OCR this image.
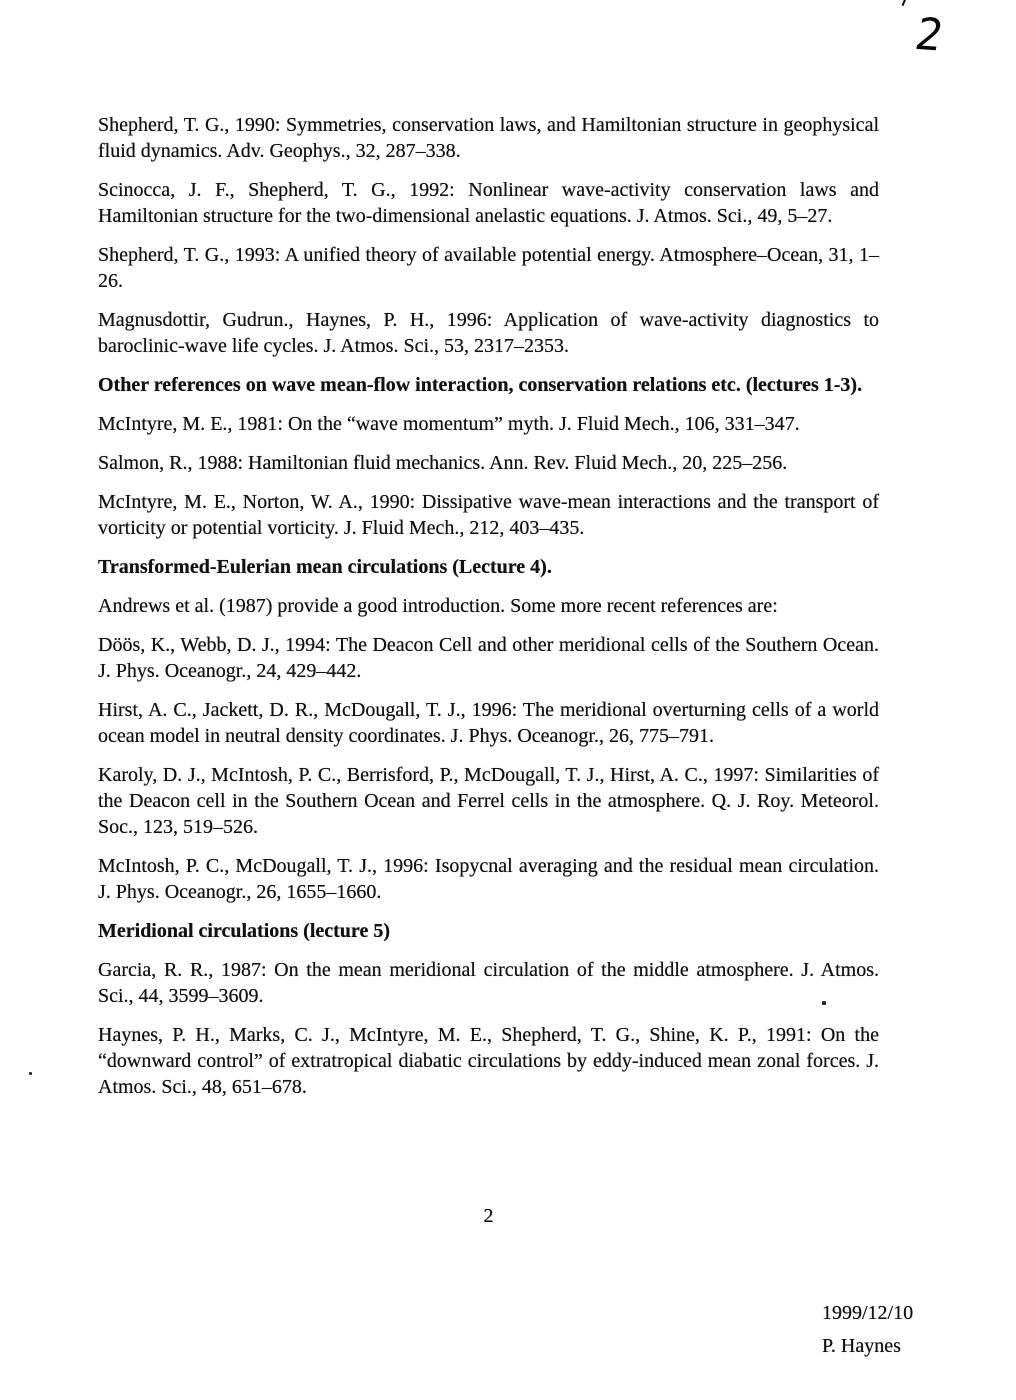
2
Shepherd, T. G., 1990: Symmetries, conservation laws, and Hamiltonian structure in geophysical fluid dynamics. Adv. Geophys., 32, 287–338.
Scinocca, J. F., Shepherd, T. G., 1992: Nonlinear wave-activity conservation laws and Hamiltonian structure for the two-dimensional anelastic equations. J. Atmos. Sci., 49, 5–27.
Shepherd, T. G., 1993: A unified theory of available potential energy. Atmosphere–Ocean, 31, 1–26.
Magnusdottir, Gudrun., Haynes, P. H., 1996: Application of wave-activity diagnostics to baroclinic-wave life cycles. J. Atmos. Sci., 53, 2317–2353.
Other references on wave mean-flow interaction, conservation relations etc. (lectures 1-3).
McIntyre, M. E., 1981: On the “wave momentum” myth. J. Fluid Mech., 106, 331–347.
Salmon, R., 1988: Hamiltonian fluid mechanics. Ann. Rev. Fluid Mech., 20, 225–256.
McIntyre, M. E., Norton, W. A., 1990: Dissipative wave-mean interactions and the transport of vorticity or potential vorticity. J. Fluid Mech., 212, 403–435.
Transformed-Eulerian mean circulations (Lecture 4).
Andrews et al. (1987) provide a good introduction. Some more recent references are:
Döös, K., Webb, D. J., 1994: The Deacon Cell and other meridional cells of the Southern Ocean. J. Phys. Oceanogr., 24, 429–442.
Hirst, A. C., Jackett, D. R., McDougall, T. J., 1996: The meridional overturning cells of a world ocean model in neutral density coordinates. J. Phys. Oceanogr., 26, 775–791.
Karoly, D. J., McIntosh, P. C., Berrisford, P., McDougall, T. J., Hirst, A. C., 1997: Similarities of the Deacon cell in the Southern Ocean and Ferrel cells in the atmosphere. Q. J. Roy. Meteorol. Soc., 123, 519–526.
McIntosh, P. C., McDougall, T. J., 1996: Isopycnal averaging and the residual mean circulation. J. Phys. Oceanogr., 26, 1655–1660.
Meridional circulations (lecture 5)
Garcia, R. R., 1987: On the mean meridional circulation of the middle atmosphere. J. Atmos. Sci., 44, 3599–3609.
Haynes, P. H., Marks, C. J., McIntyre, M. E., Shepherd, T. G., Shine, K. P., 1991: On the “downward control” of extratropical diabatic circulations by eddy-induced mean zonal forces. J. Atmos. Sci., 48, 651–678.
2
1999/12/10
P. Haynes
